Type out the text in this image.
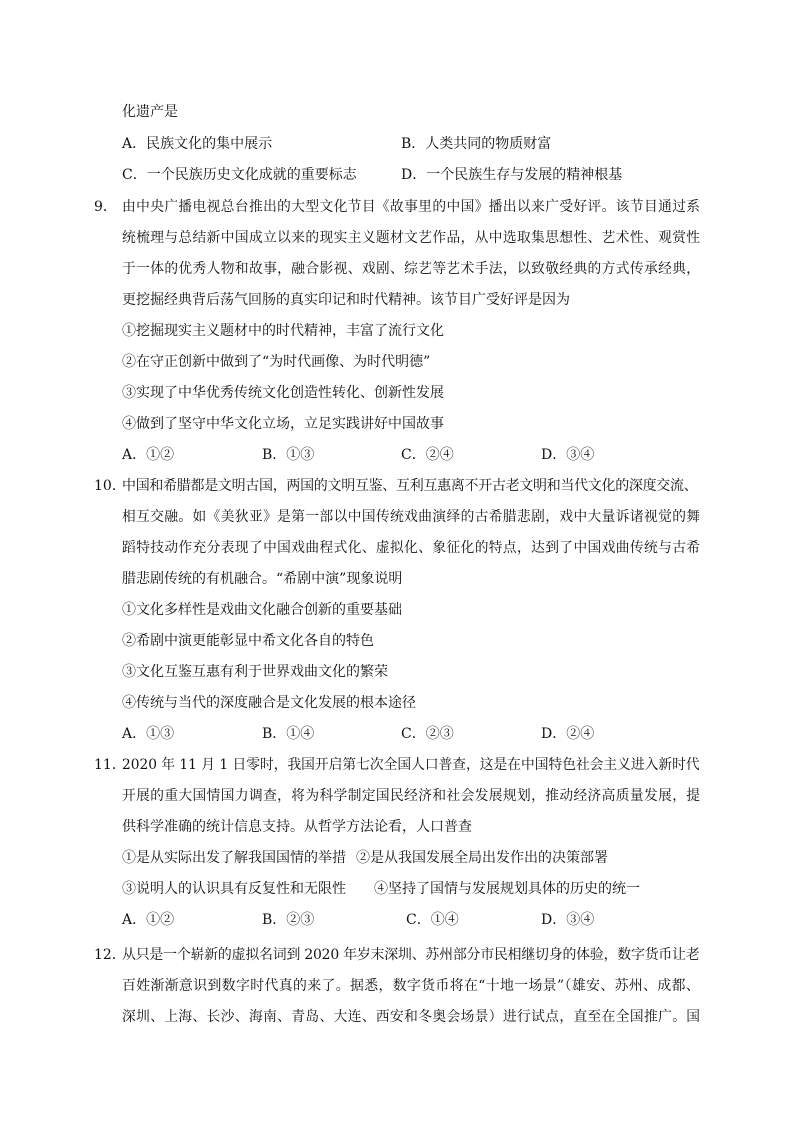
化遗产是
A．民族文化的集中展示	B．人类共同的物质财富
C．一个民族历史文化成就的重要标志	D．一个民族生存与发展的精神根基
9． 由中央广播电视总台推出的大型文化节目《故事里的中国》播出以来广受好评。该节目通过系
统梳理与总结新中国成立以来的现实主义题材文艺作品，从中选取集思想性、艺术性、观赏性
于一体的优秀人物和故事，融合影视、戏剧、综艺等艺术手法，以致敬经典的方式传承经典，
更挖掘经典背后荡气回肠的真实印记和时代精神。该节目广受好评是因为
①挖掘现实主义题材中的时代精神，丰富了流行文化
②在守正创新中做到了“为时代画像、为时代明德”
③实现了中华优秀传统文化创造性转化、创新性发展
④做到了坚守中华文化立场，立足实践讲好中国故事
A．①②	B．①③	C．②④	D．③④
10．
中国和希腊都是文明古国，两国的文明互鉴、互利互惠离不开古老文明和当代文化的深度交流、
相互交融。如《美狄亚》是第一部以中国传统戏曲演绎的古希腊悲剧，戏中大量诉诸视觉的舞
蹈特技动作充分表现了中国戏曲程式化、虚拟化、象征化的特点，达到了中国戏曲传统与古希
腊悲剧传统的有机融合。“希剧中演”现象说明
①文化多样性是戏曲文化融合创新的重要基础
②希剧中演更能彰显中希文化各自的特色
③文化互鉴互惠有利于世界戏曲文化的繁荣
④传统与当代的深度融合是文化发展的根本途径
A．①③	B．①④	C．②③	D．②④
11．
2020 年 11 月 1 日零时，我国开启第七次全国人口普查，这是在中国特色社会主义进入新时代
开展的重大国情国力调查，将为科学制定国民经济和社会发展规划，推动经济高质量发展，提
供科学准确的统计信息支持。从哲学方法论看，人口普查
①是从实际出发了解我国国情的举措 ②是从我国发展全局出发作出的决策部署
③说明人的认识具有反复性和无限性 ④坚持了国情与发展规划具体的历史的统一
A．①②	B．②③	C．①④	D．③④
12．
从只是一个崭新的虚拟名词到 2020 年岁末深圳、苏州部分市民相继切身的体验，数字货币让老
百姓渐渐意识到数字时代真的来了。据悉，数字货币将在“十地一场景”（雄安、苏州、成都、
深圳、上海、长沙、海南、青岛、大连、西安和冬奥会场景）进行试点，直至在全国推广。国
